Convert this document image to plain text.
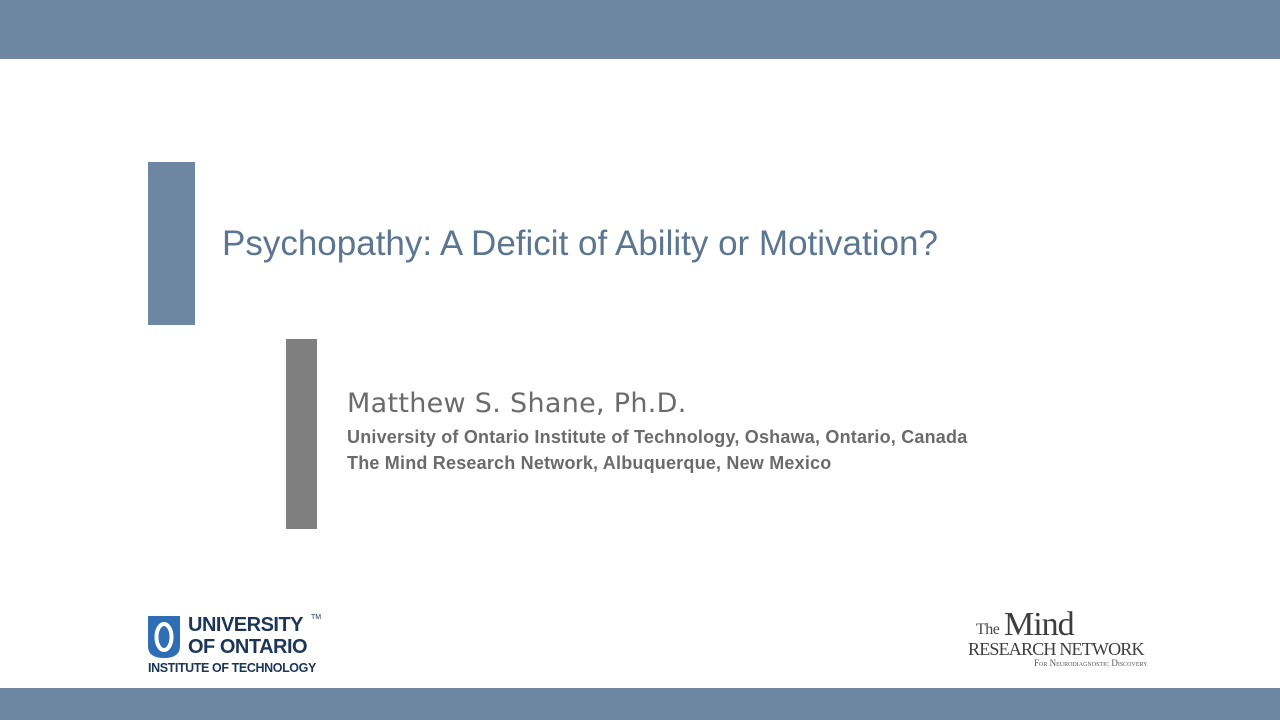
Psychopathy: A Deficit of Ability or Motivation?
Matthew S. Shane, Ph.D.
University of Ontario Institute of Technology, Oshawa, Ontario, Canada
The Mind Research Network, Albuquerque, New Mexico
UNIVERSITY TM
OF ONTARIO
INSTITUTE OF TECHNOLOGY
The Mind
RESEARCH NETWORK
For Neurodiagnostic Discovery
